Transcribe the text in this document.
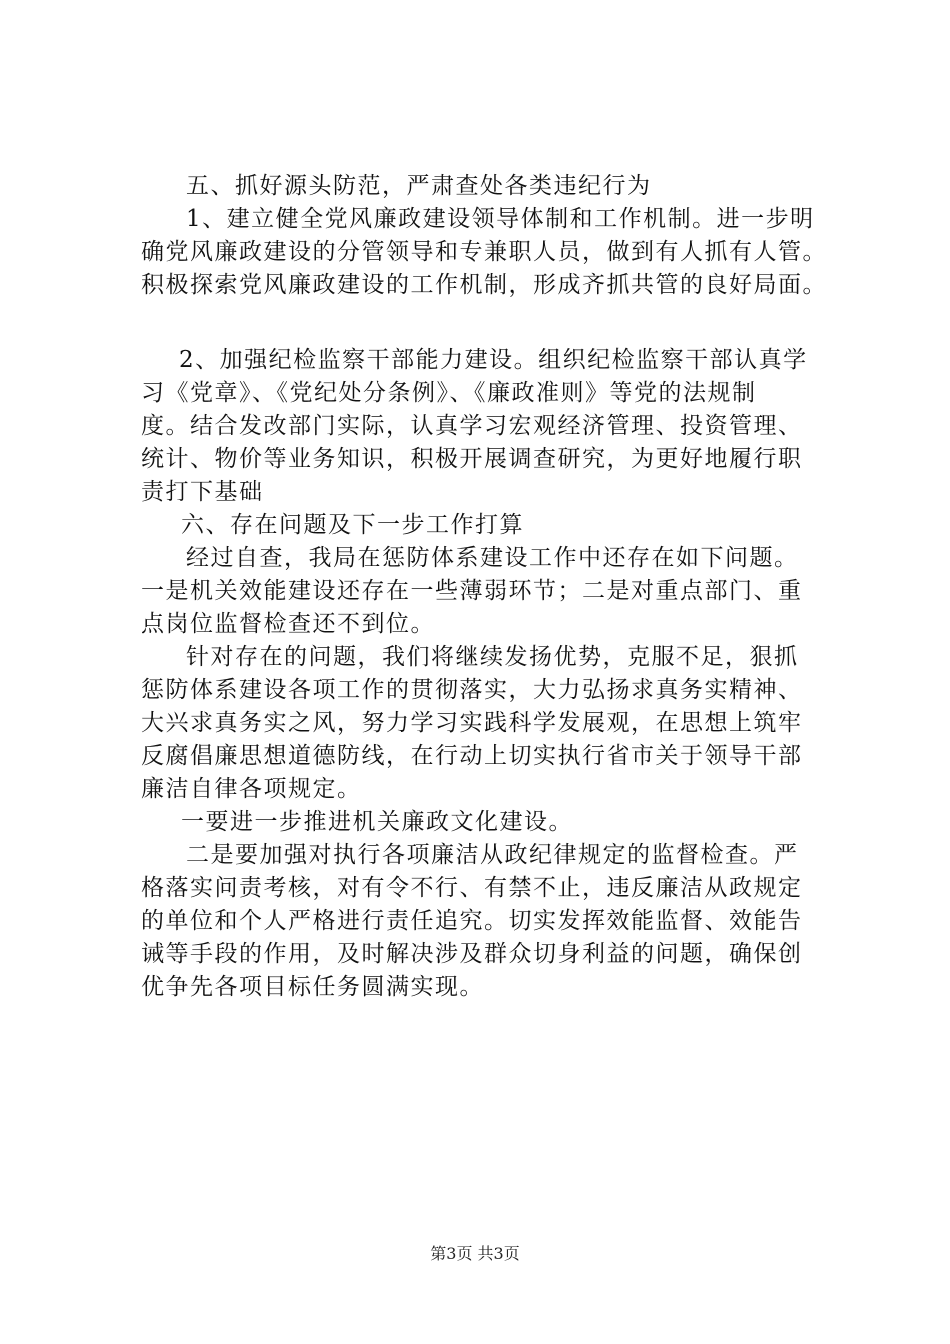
五、抓好源头防范，严肃查处各类违纪行为
1、建立健全党风廉政建设领导体制和工作机制。进一步明
确党风廉政建设的分管领导和专兼职人员，做到有人抓有人管。
积极探索党风廉政建设的工作机制，形成齐抓共管的良好局面。
2、加强纪检监察干部能力建设。组织纪检监察干部认真学
习《党章》、《党纪处分条例》、《廉政准则》等党的法规制
度。结合发改部门实际，认真学习宏观经济管理、投资管理、
统计、物价等业务知识，积极开展调查研究，为更好地履行职
责打下基础
六、存在问题及下一步工作打算
经过自查，我局在惩防体系建设工作中还存在如下问题。
一是机关效能建设还存在一些薄弱环节；二是对重点部门、重
点岗位监督检查还不到位。
针对存在的问题，我们将继续发扬优势，克服不足，狠抓
惩防体系建设各项工作的贯彻落实，大力弘扬求真务实精神、
大兴求真务实之风，努力学习实践科学发展观，在思想上筑牢
反腐倡廉思想道德防线，在行动上切实执行省市关于领导干部
廉洁自律各项规定。
一要进一步推进机关廉政文化建设。
二是要加强对执行各项廉洁从政纪律规定的监督检查。严
格落实问责考核，对有令不行、有禁不止，违反廉洁从政规定
的单位和个人严格进行责任追究。切实发挥效能监督、效能告
诫等手段的作用，及时解决涉及群众切身利益的问题，确保创
优争先各项目标任务圆满实现。
第3页 共3页
